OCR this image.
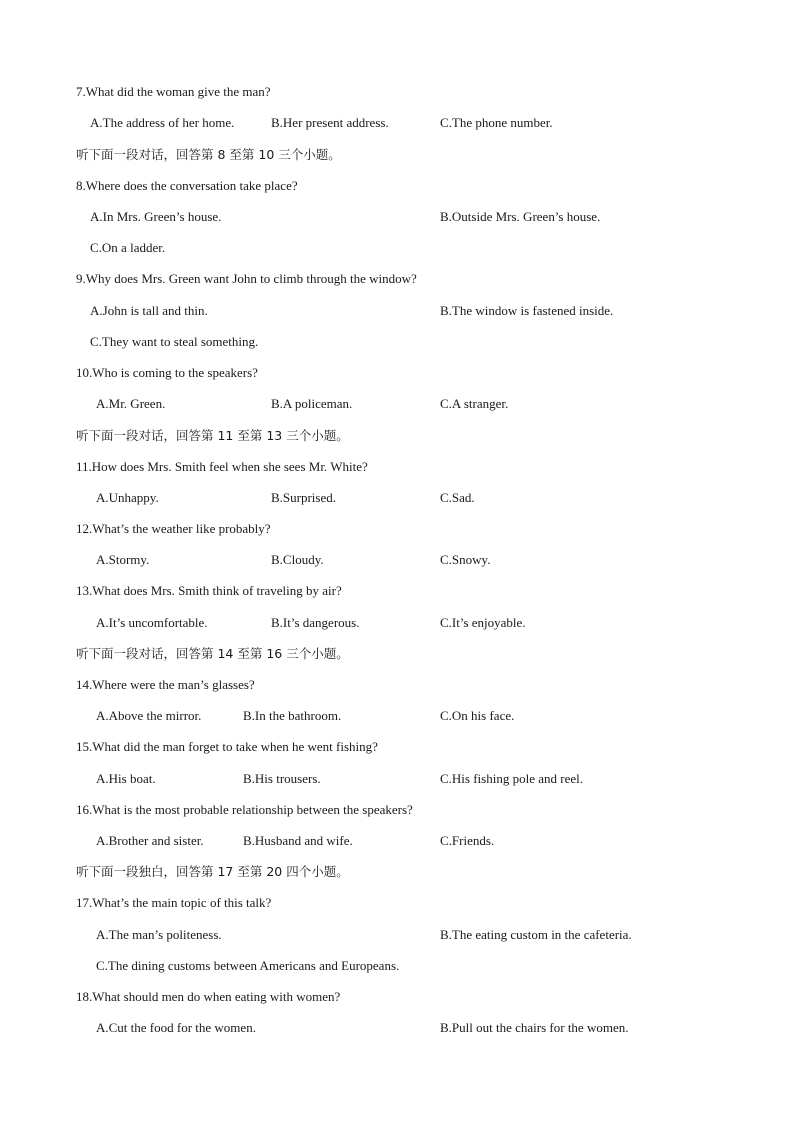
7.What did the woman give the man?
A.The address of her home.	B.Her present address.	C.The phone number.
听下面一段对话，回答第 8 至第 10 三个小题。
8.Where does the conversation take place?
A.In Mrs. Green’s house.	B.Outside Mrs. Green’s house.
C.On a ladder.
9.Why does Mrs. Green want John to climb through the window?
A.John is tall and thin.	B.The window is fastened inside.
C.They want to steal something.
10.Who is coming to the speakers?
A.Mr. Green.	B.A policeman.	C.A stranger.
听下面一段对话，回答第 11 至第 13 三个小题。
11.How does Mrs. Smith feel when she sees Mr. White?
A.Unhappy.	B.Surprised.	C.Sad.
12.What’s the weather like probably?
A.Stormy.	B.Cloudy.	C.Snowy.
13.What does Mrs. Smith think of traveling by air?
A.It’s uncomfortable.	B.It’s dangerous.	C.It’s enjoyable.
听下面一段对话，回答第 14 至第 16 三个小题。
14.Where were the man’s glasses?
A.Above the mirror.	B.In the bathroom.	C.On his face.
15.What did the man forget to take when he went fishing?
A.His boat.	B.His trousers.	C.His fishing pole and reel.
16.What is the most probable relationship between the speakers?
A.Brother and sister.	B.Husband and wife.	C.Friends.
听下面一段独白，回答第 17 至第 20 四个小题。
17.What’s the main topic of this talk?
A.The man’s politeness.	B.The eating custom in the cafeteria.
C.The dining customs between Americans and Europeans.
18.What should men do when eating with women?
A.Cut the food for the women.	B.Pull out the chairs for the women.
